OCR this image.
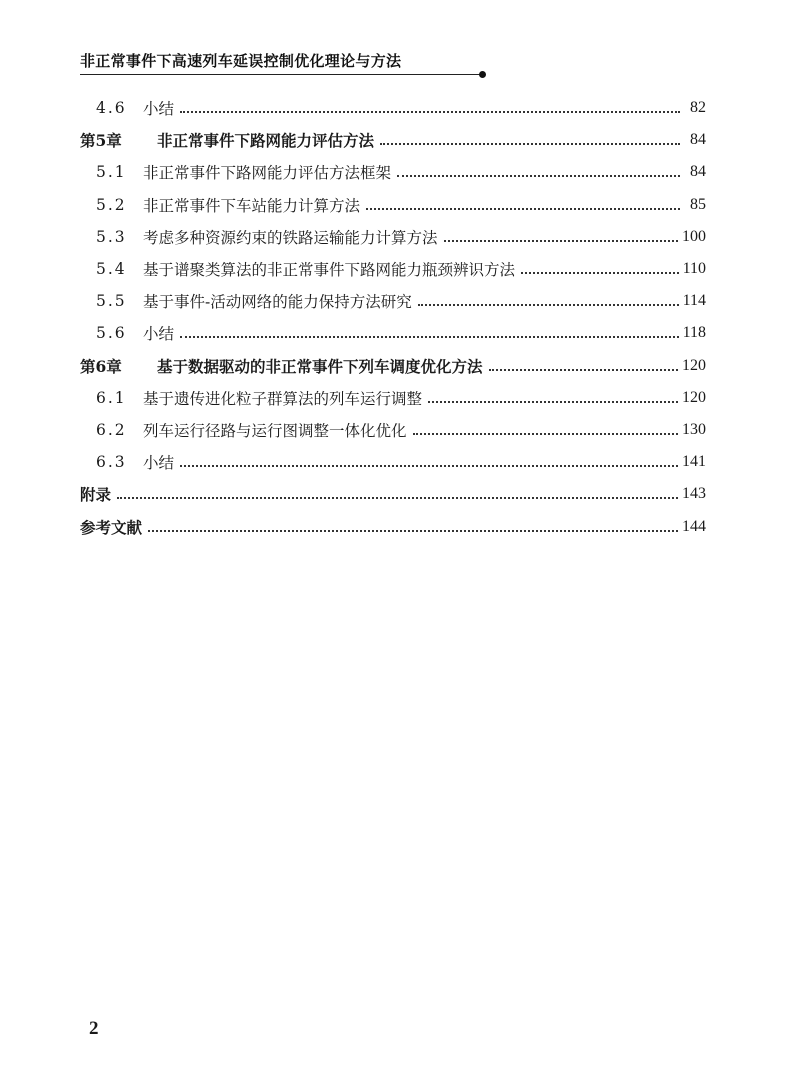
非正常事件下高速列车延误控制优化理论与方法
4.6	小结	82
第5章	非正常事件下路网能力评估方法	84
5.1	非正常事件下路网能力评估方法框架	84
5.2	非正常事件下车站能力计算方法	85
5.3	考虑多种资源约束的铁路运输能力计算方法	100
5.4	基于谱聚类算法的非正常事件下路网能力瓶颈辨识方法	110
5.5	基于事件-活动网络的能力保持方法研究	114
5.6	小结	118
第6章	基于数据驱动的非正常事件下列车调度优化方法	120
6.1	基于遗传进化粒子群算法的列车运行调整	120
6.2	列车运行径路与运行图调整一体化优化	130
6.3	小结	141
附录	143
参考文献	144
2
